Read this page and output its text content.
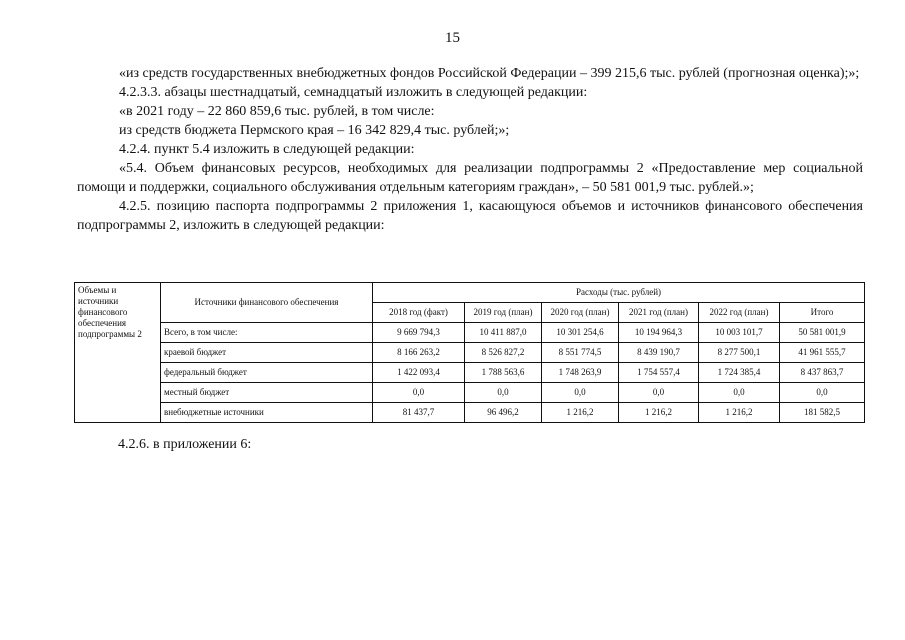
15

«из средств государственных внебюджетных фондов Российской Федерации – 399 215,6 тыс. рублей (прогнозная оценка);»;

4.2.3.3. абзацы шестнадцатый, семнадцатый изложить в следующей редакции:

«в 2021 году – 22 860 859,6 тыс. рублей, в том числе:

из средств бюджета Пермского края – 16 342 829,4 тыс. рублей;»;

4.2.4. пункт 5.4 изложить в следующей редакции:

«5.4. Объем финансовых ресурсов, необходимых для реализации подпрограммы 2 «Предоставление мер социальной помощи и поддержки, социального обслуживания отдельным категориям граждан», – 50 581 001,9 тыс. рублей.»;

4.2.5. позицию паспорта подпрограммы 2 приложения 1, касающуюся объемов и источников финансового обеспечения подпрограммы 2, изложить в следующей редакции:

Объемы и источники финансового обеспечения подпрограммы 2	Источники финансового обеспечения	Расходы (тыс. рублей)					
		2018 год (факт)	2019 год (план)	2020 год (план)	2021 год (план)	2022 год (план)	Итого
	Всего, в том числе:	9 669 794,3	10 411 887,0	10 301 254,6	10 194 964,3	10 003 101,7	50 581 001,9
	краевой бюджет	8 166 263,2	8 526 827,2	8 551 774,5	8 439 190,7	8 277 500,1	41 961 555,7
	федеральный бюджет	1 422 093,4	1 788 563,6	1 748 263,9	1 754 557,4	1 724 385,4	8 437 863,7
	местный бюджет	0,0	0,0	0,0	0,0	0,0	0,0
	внебюджетные источники	81 437,7	96 496,2	1 216,2	1 216,2	1 216,2	181 582,5
4.2.6. в приложении 6:
